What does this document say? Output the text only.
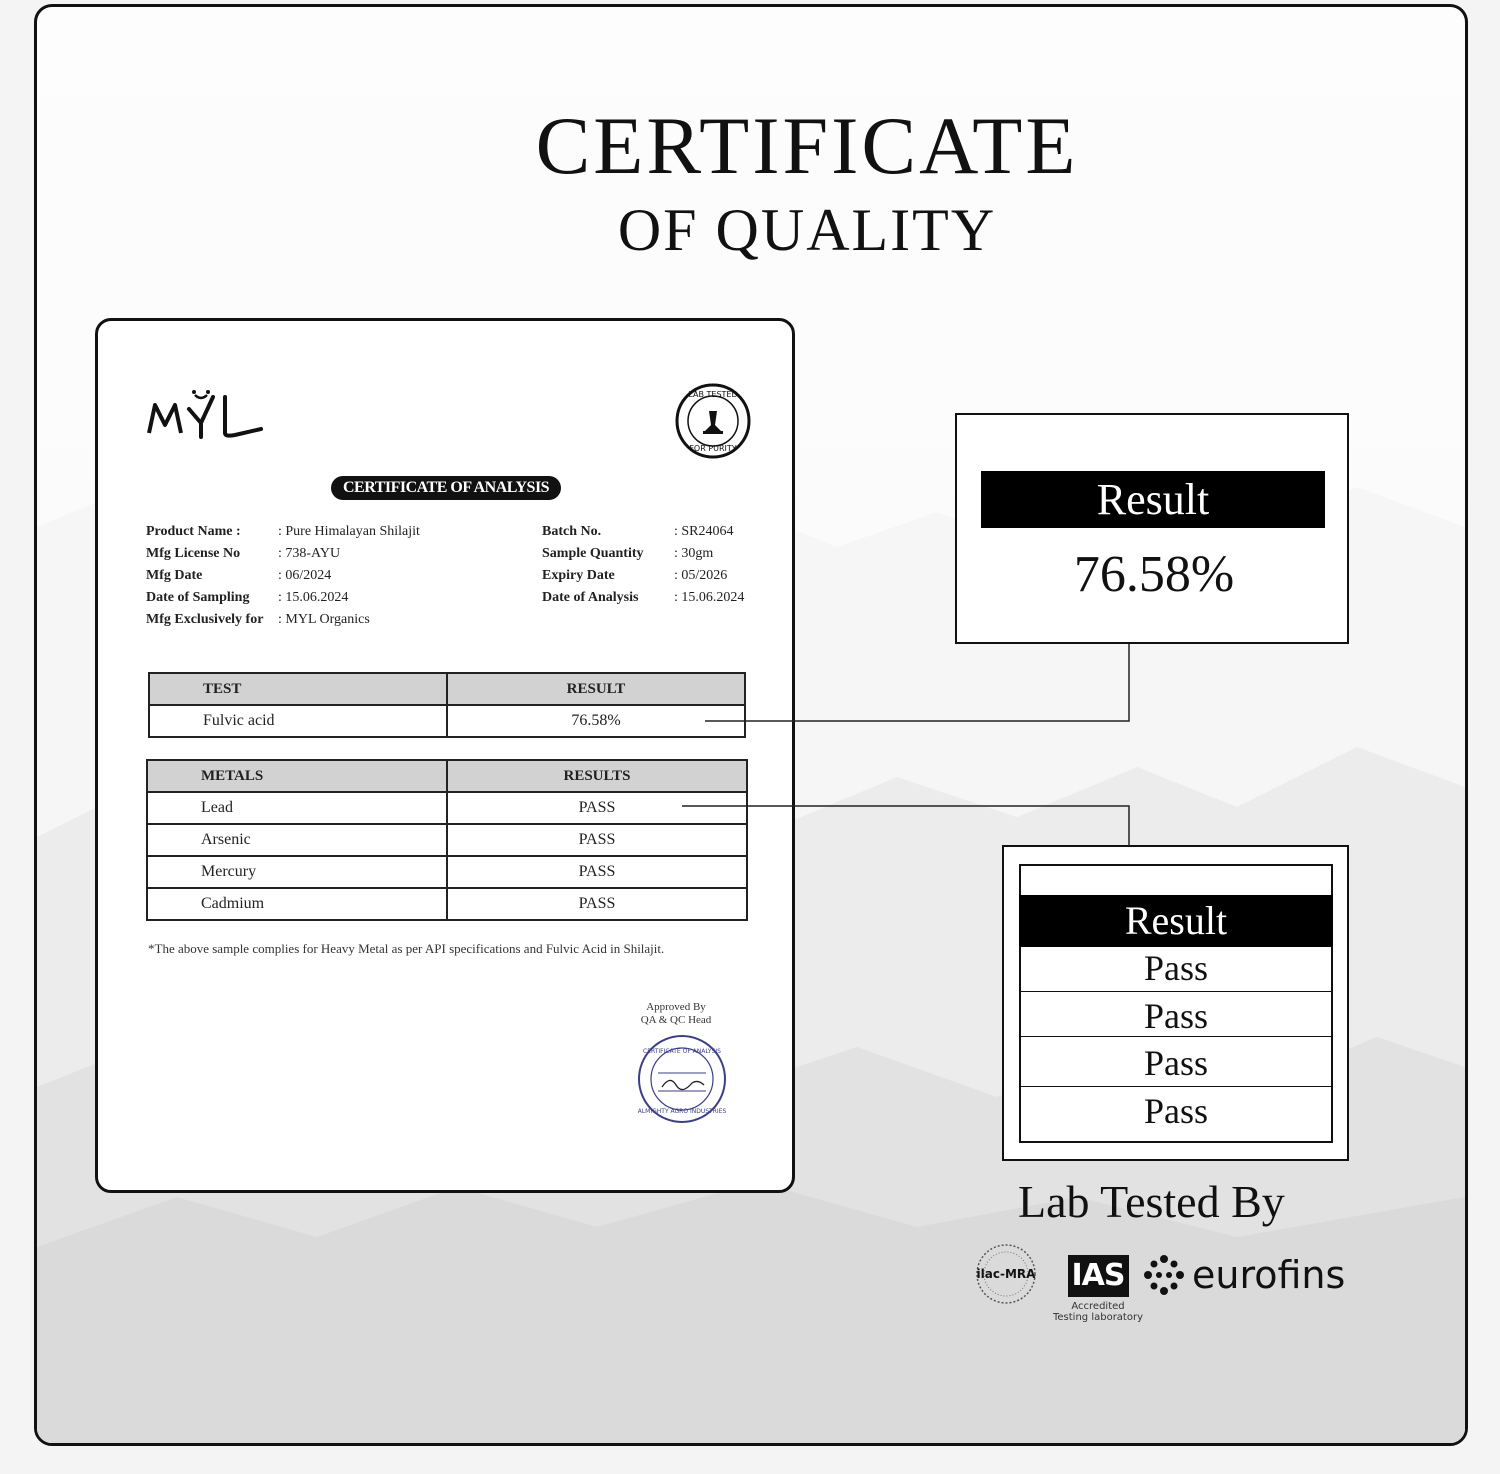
CERTIFICATE
OF QUALITY
LAB TESTED
FOR PURITY
CERTIFICATE OF ANALYSIS
Product Name :	: Pure Himalayan Shilajit
Mfg License No	: 738-AYU
Mfg Date	: 06/2024
Date of Sampling	: 15.06.2024
Mfg Exclusively for	: MYL Organics
Batch No.	: SR24064
Sample Quantity	: 30gm
Expiry Date	: 05/2026
Date of Analysis	: 15.06.2024
TEST	RESULT
Fulvic acid	76.58%
METALS	RESULTS
Lead	PASS
Arsenic	PASS
Mercury	PASS
Cadmium	PASS
*The above sample complies for Heavy Metal as per API specifications and Fulvic Acid in Shilajit.
Approved By
QA & QC Head
CERTIFICATE OF ANALYSIS
ALMIGHTY AGRO INDUSTRIES
Result
76.58%
Result
Pass
Pass
Pass
Pass
Lab Tested By
ilac-MRA	IAS
Accredited
Testing laboratory
eurofins
